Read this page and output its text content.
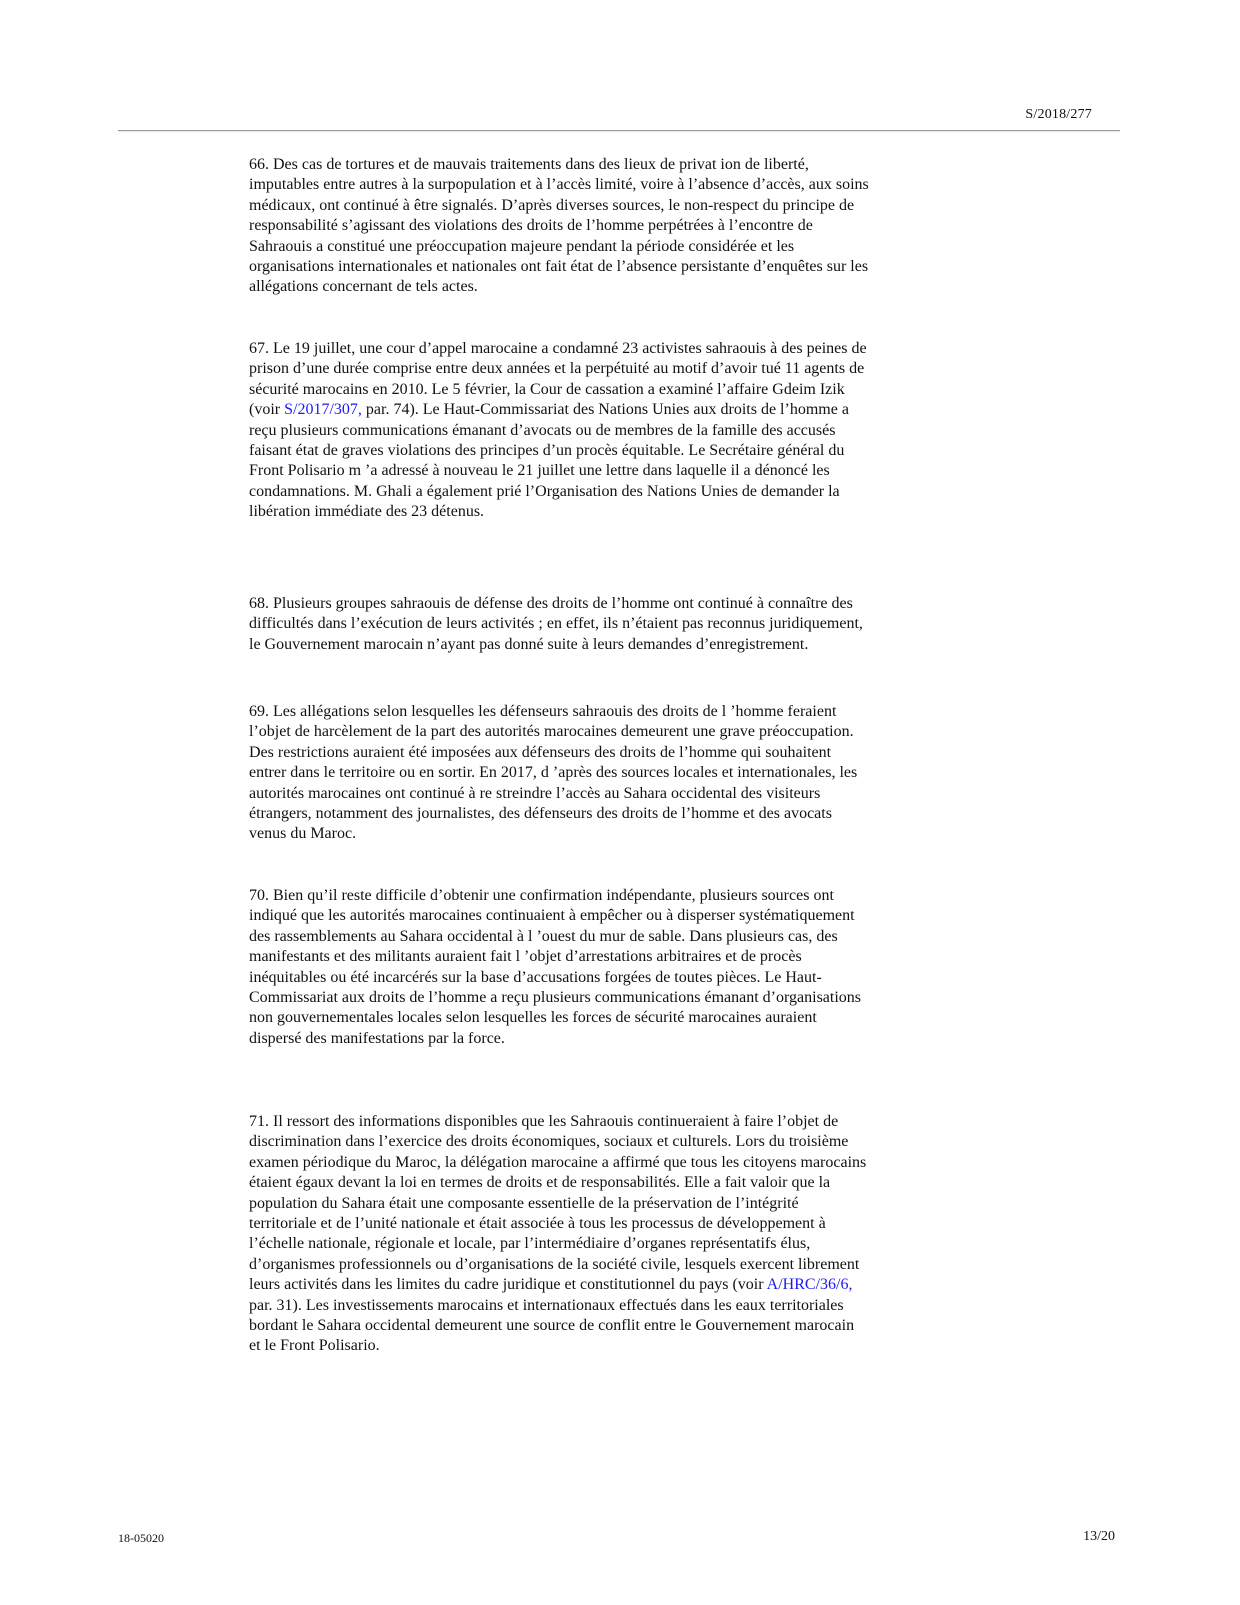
S/2018/277

66. Des cas de tortures et de mauvais traitements dans des lieux de privat ion de liberté, imputables entre autres à la surpopulation et à l’accès limité, voire à l’absence d’accès, aux soins médicaux, ont continué à être signalés. D’après diverses sources, le non-respect du principe de responsabilité s’agissant des violations des droits de l’homme perpétrées à l’encontre de Sahraouis a constitué une préoccupation majeure pendant la période considérée et les organisations internationales et nationales ont fait état de l’absence persistante d’enquêtes sur les allégations concernant de tels actes.

67. Le 19 juillet, une cour d’appel marocaine a condamné 23 activistes sahraouis à des peines de prison d’une durée comprise entre deux années et la perpétuité au motif d’avoir tué 11 agents de sécurité marocains en 2010. Le 5 février, la Cour de cassation a examiné l’affaire Gdeim Izik (voir S/2017/307, par. 74). Le Haut-Commissariat des Nations Unies aux droits de l’homme a reçu plusieurs communications émanant d’avocats ou de membres de la famille des accusés faisant état de graves violations des principes d’un procès équitable. Le Secrétaire général du Front Polisario m ’a adressé à nouveau le 21 juillet une lettre dans laquelle il a dénoncé les condamnations. M. Ghali a également prié l’Organisation des Nations Unies de demander la libération immédiate des 23 détenus.

68. Plusieurs groupes sahraouis de défense des droits de l’homme ont continué à connaître des difficultés dans l’exécution de leurs activités ; en effet, ils n’étaient pas reconnus juridiquement, le Gouvernement marocain n’ayant pas donné suite à leurs demandes d’enregistrement.

69. Les allégations selon lesquelles les défenseurs sahraouis des droits de l ’homme feraient l’objet de harcèlement de la part des autorités marocaines demeurent une grave préoccupation. Des restrictions auraient été imposées aux défenseurs des droits de l’homme qui souhaitent entrer dans le territoire ou en sortir. En 2017, d ’après des sources locales et internationales, les autorités marocaines ont continué à re streindre l’accès au Sahara occidental des visiteurs étrangers, notamment des journalistes, des défenseurs des droits de l’homme et des avocats venus du Maroc.

70. Bien qu’il reste difficile d’obtenir une confirmation indépendante, plusieurs sources ont indiqué que les autorités marocaines continuaient à empêcher ou à disperser systématiquement des rassemblements au Sahara occidental à l ’ouest du mur de sable. Dans plusieurs cas, des manifestants et des militants auraient fait l ’objet d’arrestations arbitraires et de procès inéquitables ou été incarcérés sur la base d’accusations forgées de toutes pièces. Le Haut-Commissariat aux droits de l’homme a reçu plusieurs communications émanant d’organisations non gouvernementales locales selon lesquelles les forces de sécurité marocaines auraient dispersé des manifestations par la force.

71. Il ressort des informations disponibles que les Sahraouis continueraient à faire l’objet de discrimination dans l’exercice des droits économiques, sociaux et culturels. Lors du troisième examen périodique du Maroc, la délégation marocaine a affirmé que tous les citoyens marocains étaient égaux devant la loi en termes de droits et de responsabilités. Elle a fait valoir que la population du Sahara était une composante essentielle de la préservation de l’intégrité territoriale et de l’unité nationale et était associée à tous les processus de développement à l’échelle nationale, régionale et locale, par l’intermédiaire d’organes représentatifs élus, d’organismes professionnels ou d’organisations de la société civile, lesquels exercent librement leurs activités dans les limites du cadre juridique et constitutionnel du pays (voir A/HRC/36/6, par. 31). Les investissements marocains et internationaux effectués dans les eaux territoriales bordant le Sahara occidental demeurent une source de conflit entre le Gouvernement marocain et le Front Polisario.

18-05020	13/20
